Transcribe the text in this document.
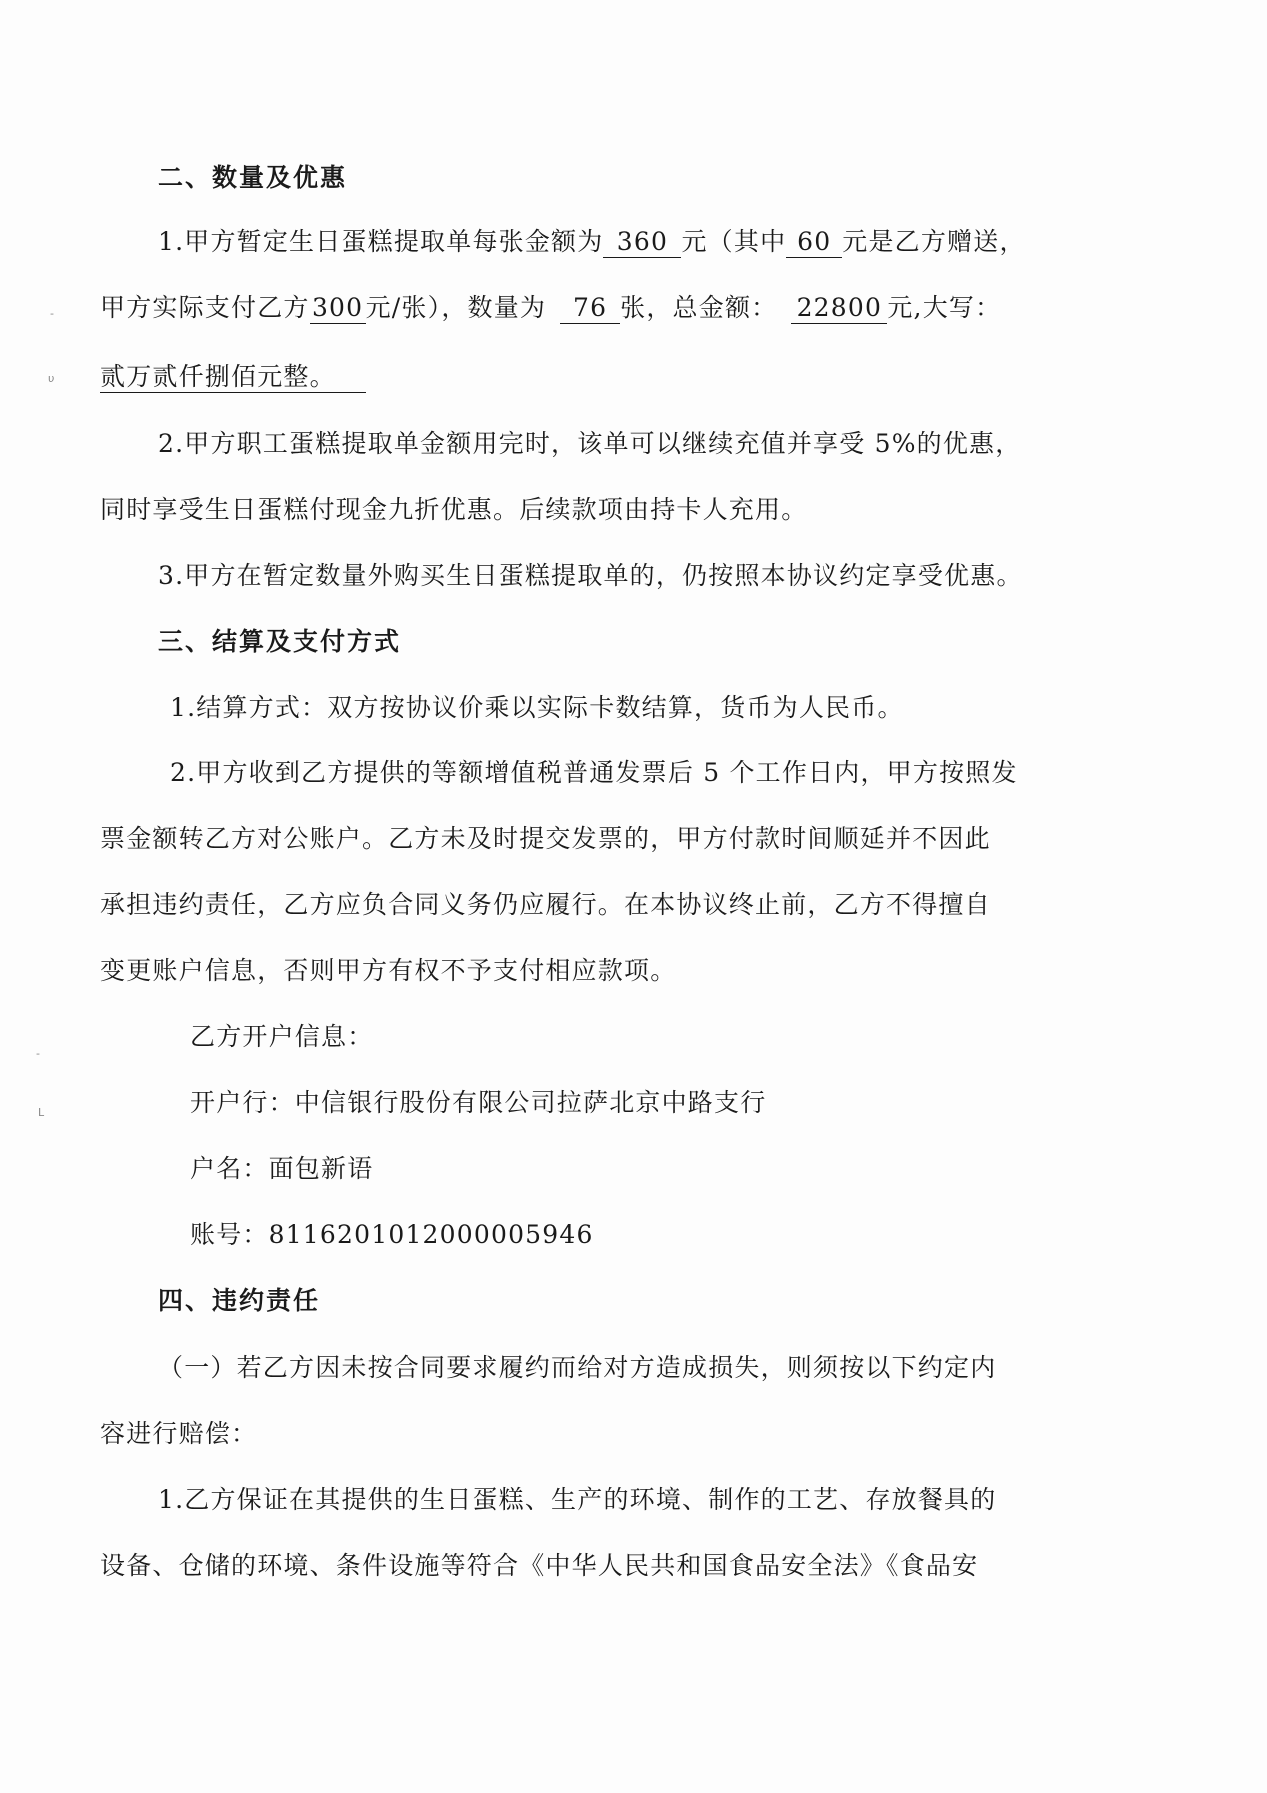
-
υ
-
L
二、数量及优惠
1.甲方暂定生日蛋糕提取单每张金额为 360 元（其中 60 元是乙方赠送，
甲方实际支付乙方300元/张），数量为 76 张，总金额： 22800 元,大写：
贰万贰仟捌佰元整。
2.甲方职工蛋糕提取单金额用完时，该单可以继续充值并享受 5%的优惠，
同时享受生日蛋糕付现金九折优惠。后续款项由持卡人充用。
3.甲方在暂定数量外购买生日蛋糕提取单的，仍按照本协议约定享受优惠。
三、结算及支付方式
1.结算方式：双方按协议价乘以实际卡数结算，货币为人民币。
2.甲方收到乙方提供的等额增值税普通发票后 5 个工作日内，甲方按照发
票金额转乙方对公账户。乙方未及时提交发票的，甲方付款时间顺延并不因此
承担违约责任，乙方应负合同义务仍应履行。在本协议终止前，乙方不得擅自
变更账户信息，否则甲方有权不予支付相应款项。
乙方开户信息：
开户行：中信银行股份有限公司拉萨北京中路支行
户名：面包新语
账号：8116201012000005946
四、违约责任
（一）若乙方因未按合同要求履约而给对方造成损失，则须按以下约定内
容进行赔偿：
1.乙方保证在其提供的生日蛋糕、生产的环境、制作的工艺、存放餐具的
设备、仓储的环境、条件设施等符合《中华人民共和国食品安全法》《食品安
